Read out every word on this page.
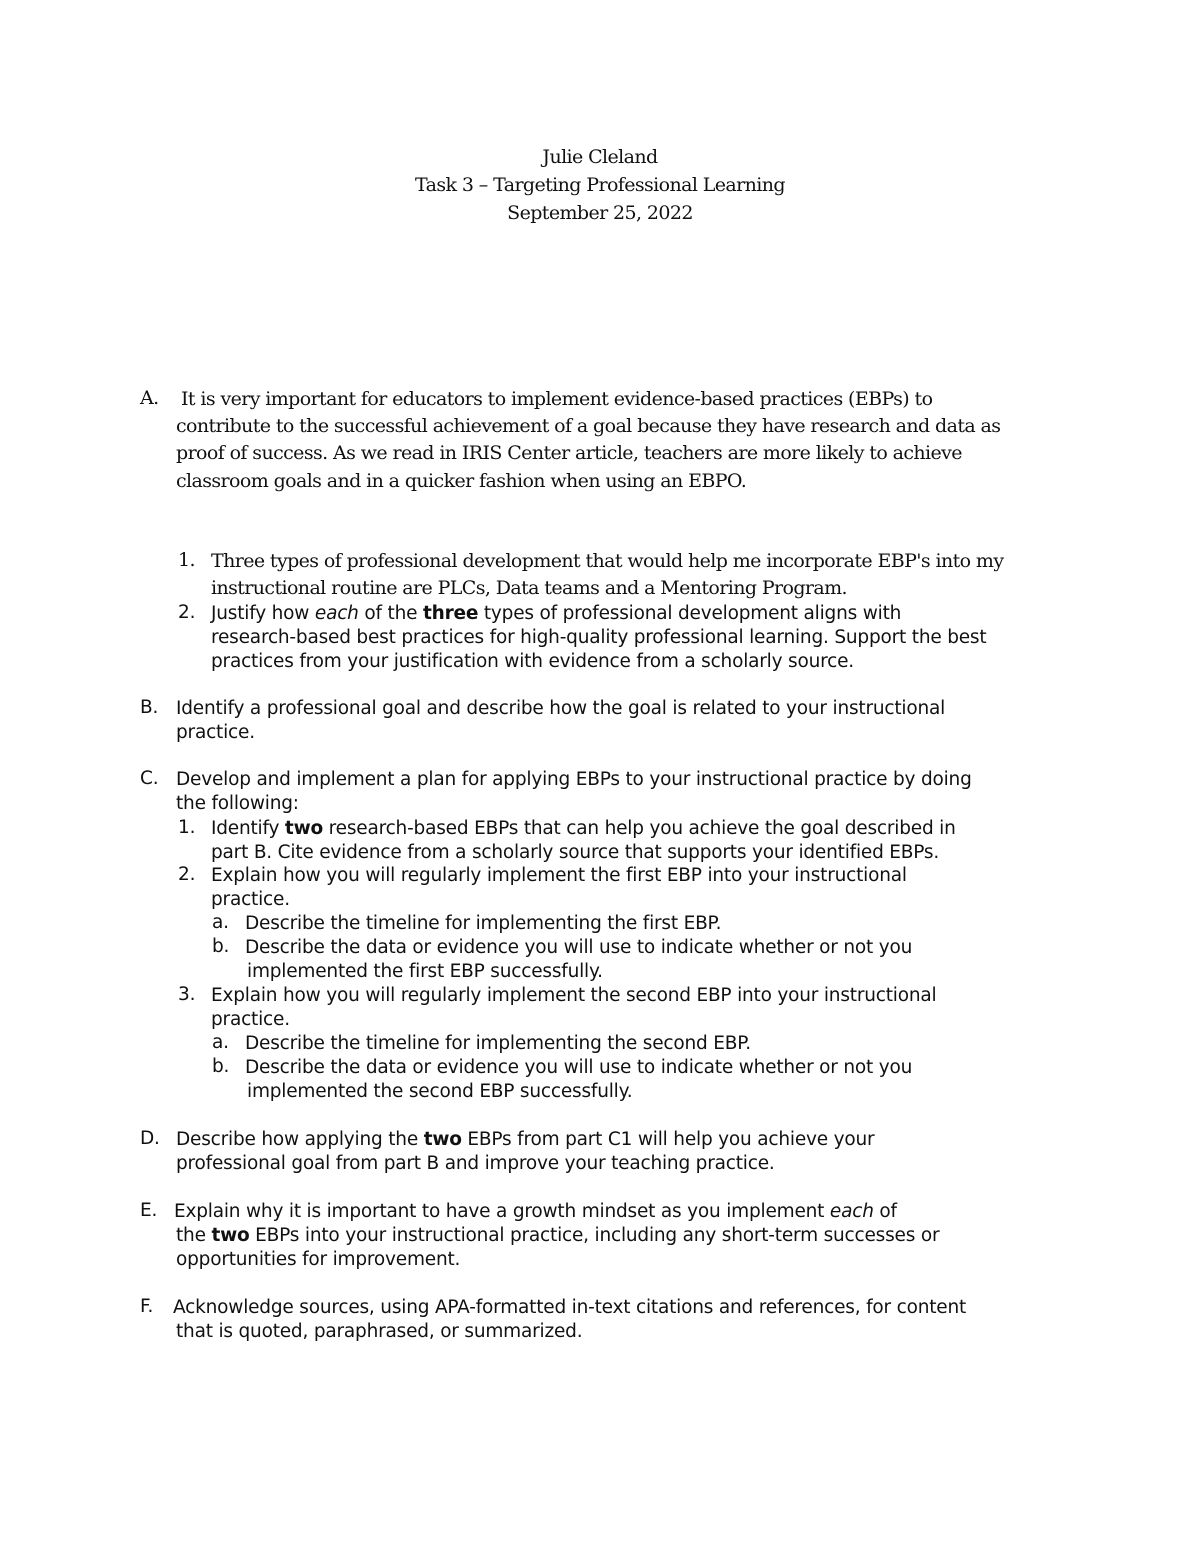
Julie Cleland
Task 3 – Targeting Professional Learning
September 25, 2022
A. It is very important for educators to implement evidence-based practices (EBPs) to
contribute to the successful achievement of a goal because they have research and data as
proof of success. As we read in IRIS Center article, teachers are more likely to achieve
classroom goals and in a quicker fashion when using an EBPO.
1. Three types of professional development that would help me incorporate EBP's into my
instructional routine are PLCs, Data teams and a Mentoring Program.
2. Justify how each of the three types of professional development aligns with
research-based best practices for high-quality professional learning. Support the best
practices from your justification with evidence from a scholarly source.
B. Identify a professional goal and describe how the goal is related to your instructional
practice.
C. Develop and implement a plan for applying EBPs to your instructional practice by doing
the following:
1. Identify two research-based EBPs that can help you achieve the goal described in
part B. Cite evidence from a scholarly source that supports your identified EBPs.
2. Explain how you will regularly implement the first EBP into your instructional
practice.
a. Describe the timeline for implementing the first EBP.
b. Describe the data or evidence you will use to indicate whether or not you
implemented the first EBP successfully.
3. Explain how you will regularly implement the second EBP into your instructional
practice.
a. Describe the timeline for implementing the second EBP.
b. Describe the data or evidence you will use to indicate whether or not you
implemented the second EBP successfully.
D. Describe how applying the two EBPs from part C1 will help you achieve your
professional goal from part B and improve your teaching practice.
E. Explain why it is important to have a growth mindset as you implement each of
the two EBPs into your instructional practice, including any short-term successes or
opportunities for improvement.
F. Acknowledge sources, using APA-formatted in-text citations and references, for content
that is quoted, paraphrased, or summarized.
